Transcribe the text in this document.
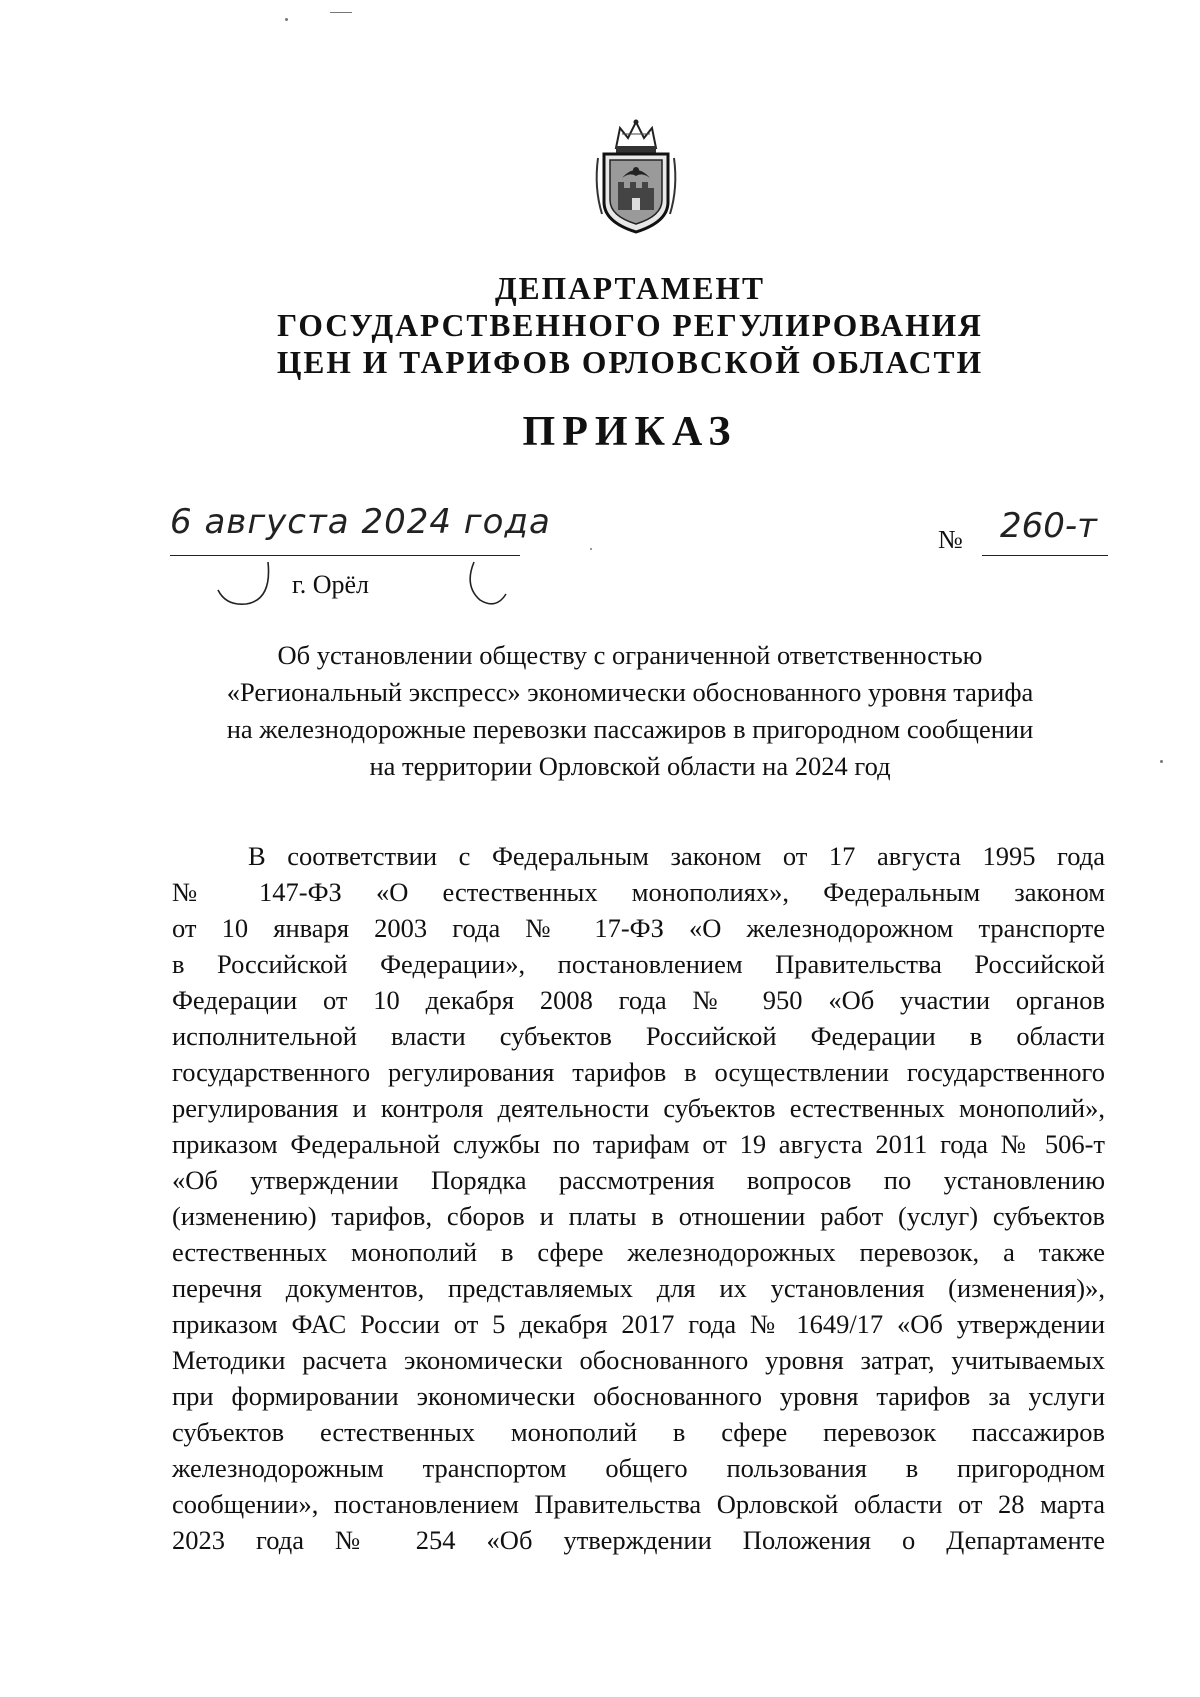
ДЕПАРТАМЕНТ
ГОСУДАРСТВЕННОГО РЕГУЛИРОВАНИЯ
ЦЕН И ТАРИФОВ ОРЛОВСКОЙ ОБЛАСТИ
ПРИКАЗ
6 августа 2024 года	№ 260-т
г. Орёл
Об установлении обществу с ограниченной ответственностью
«Региональный экспресс» экономически обоснованного уровня тарифа
на железнодорожные перевозки пассажиров в пригородном сообщении
на территории Орловской области на 2024 год
В соответствии с Федеральным законом от 17 августа 1995 года
№ 147-ФЗ «О естественных монополиях», Федеральным законом
от 10 января 2003 года № 17-ФЗ «О железнодорожном транспорте
в Российской Федерации», постановлением Правительства Российской
Федерации от 10 декабря 2008 года № 950 «Об участии органов
исполнительной власти субъектов Российской Федерации в области
государственного регулирования тарифов в осуществлении государственного
регулирования и контроля деятельности субъектов естественных монополий»,
приказом Федеральной службы по тарифам от 19 августа 2011 года № 506-т
«Об утверждении Порядка рассмотрения вопросов по установлению
(изменению) тарифов, сборов и платы в отношении работ (услуг) субъектов
естественных монополий в сфере железнодорожных перевозок, а также
перечня документов, представляемых для их установления (изменения)»,
приказом ФАС России от 5 декабря 2017 года № 1649/17 «Об утверждении
Методики расчета экономически обоснованного уровня затрат, учитываемых
при формировании экономически обоснованного уровня тарифов за услуги
субъектов естественных монополий в сфере перевозок пассажиров
железнодорожным транспортом общего пользования в пригородном
сообщении», постановлением Правительства Орловской области от 28 марта
2023 года № 254 «Об утверждении Положения о Департаменте
